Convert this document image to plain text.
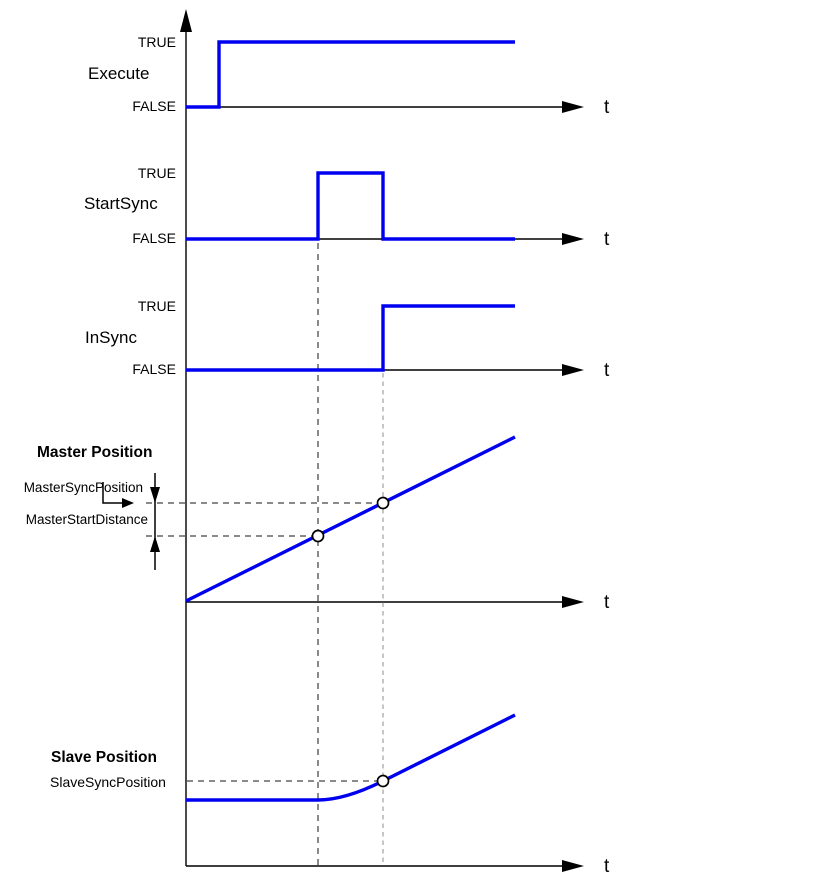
t
t
t
t
t
TRUE
Execute
FALSE
TRUE
StartSync
FALSE
TRUE
InSync
FALSE
Master Position
MasterSyncPosition
MasterStartDistance
Slave Position
SlaveSyncPosition
